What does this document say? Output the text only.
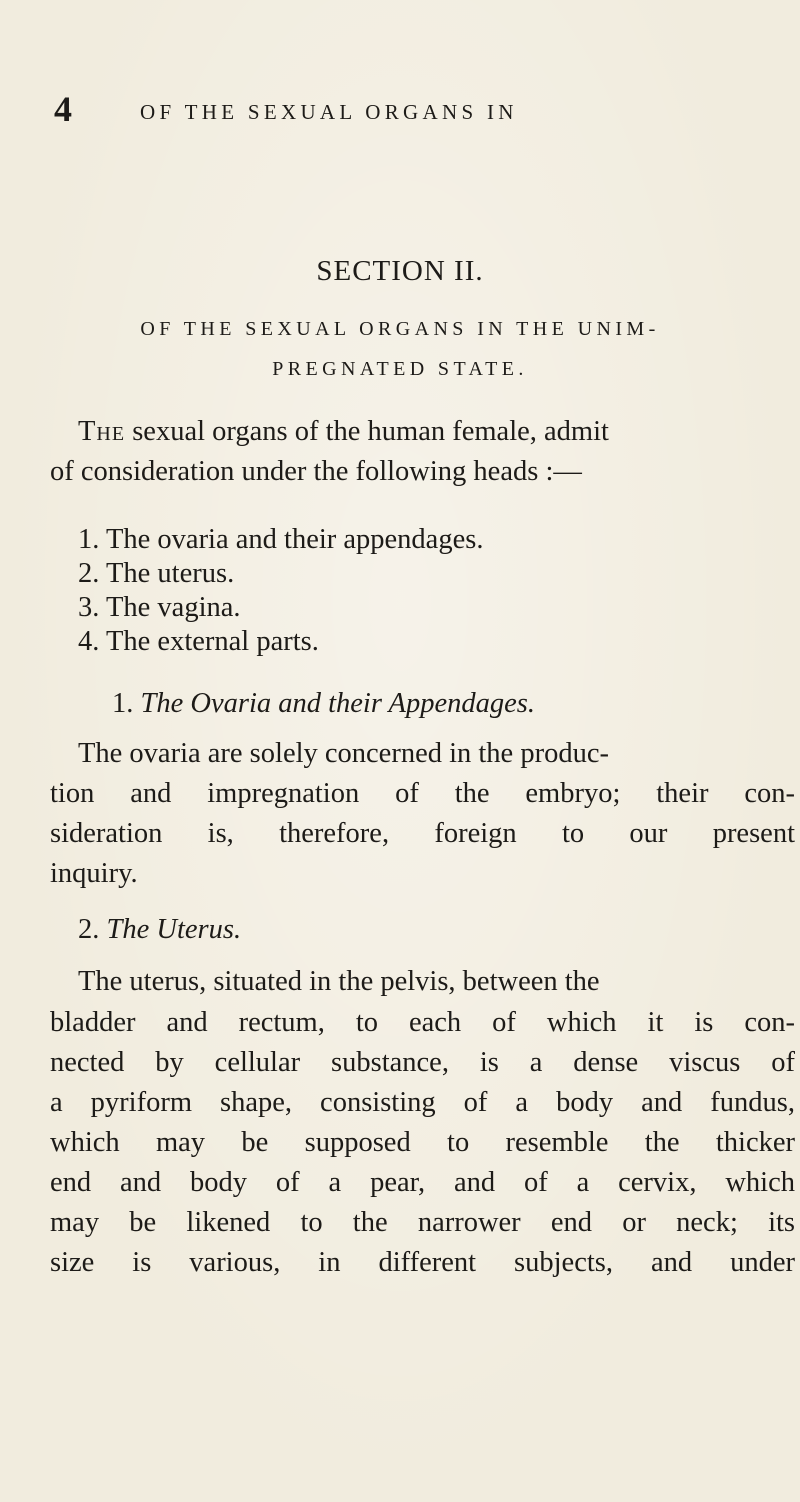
4	OF THE SEXUAL ORGANS IN
SECTION II.
OF THE SEXUAL ORGANS IN THE UNIM-
PREGNATED STATE.
The sexual organs of the human female, admit
of consideration under the following heads :—
1. The ovaria and their appendages.
2. The uterus.
3. The vagina.
4. The external parts.
1. The Ovaria and their Appendages.
The ovaria are solely concerned in the produc-
tion and impregnation of the embryo; their con-
sideration is, therefore, foreign to our present
inquiry.
2. The Uterus.
The uterus, situated in the pelvis, between the
bladder and rectum, to each of which it is con-
nected by cellular substance, is a dense viscus of
a pyriform shape, consisting of a body and fundus,
which may be supposed to resemble the thicker
end and body of a pear, and of a cervix, which
may be likened to the narrower end or neck; its
size is various, in different subjects, and under
